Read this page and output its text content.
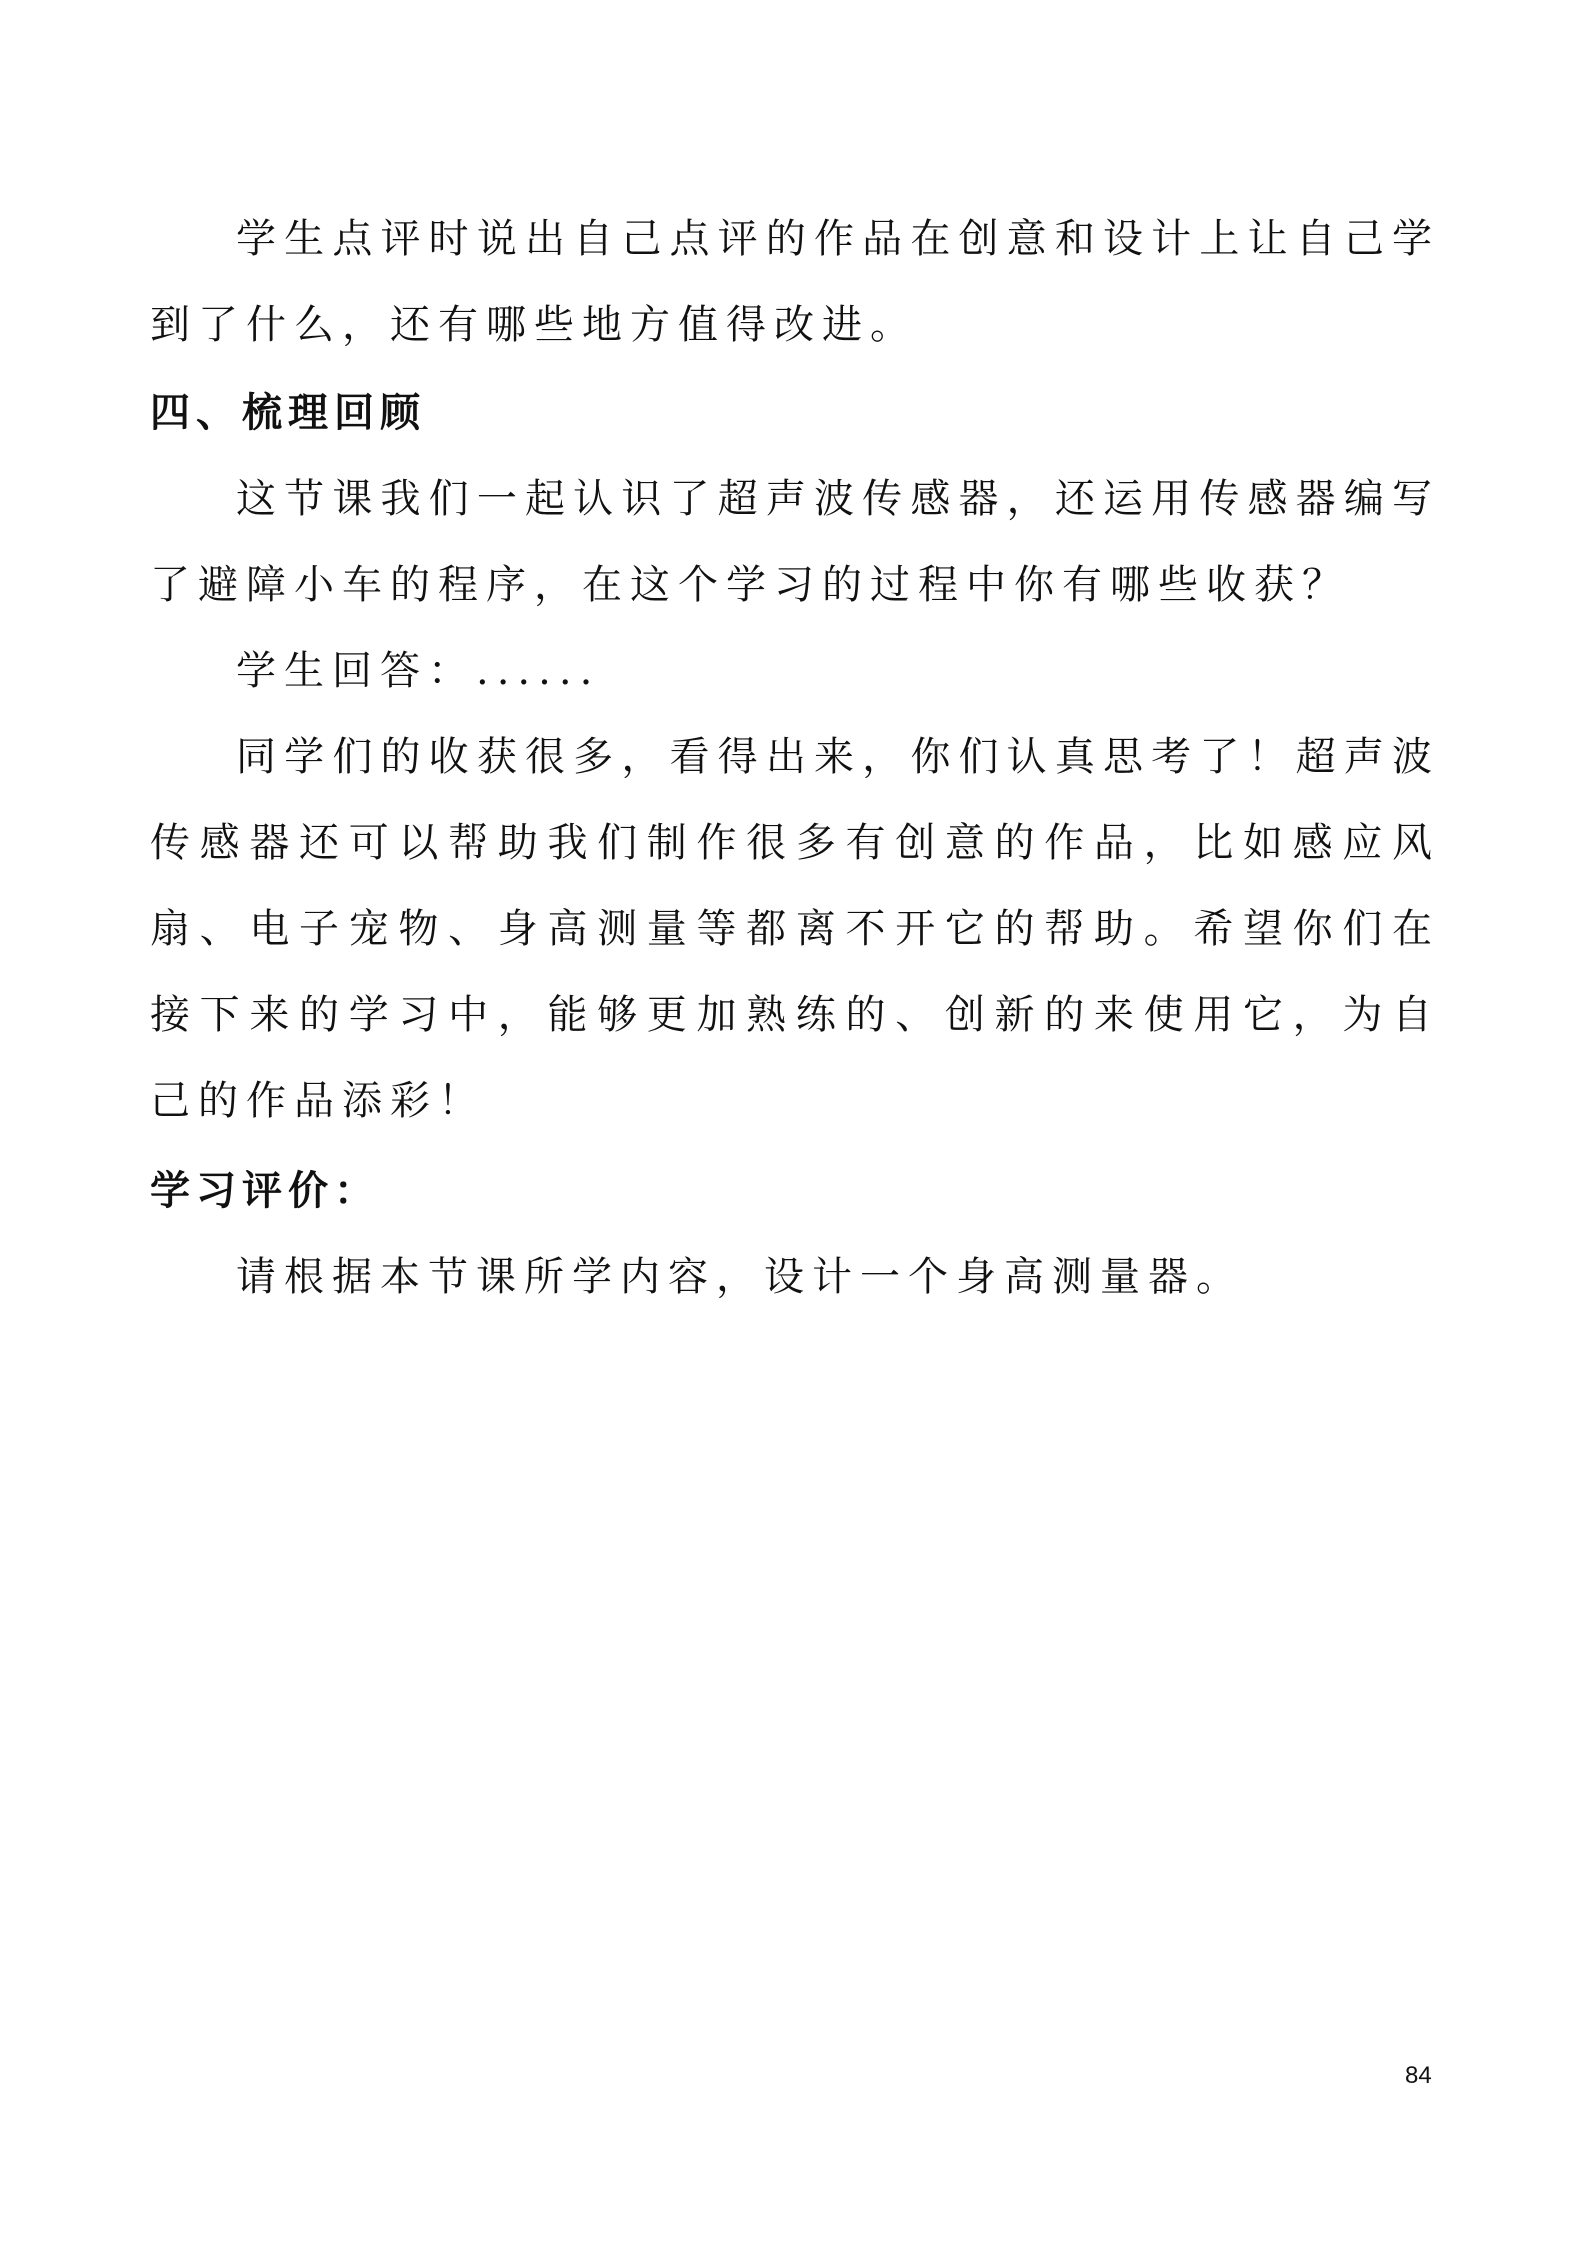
学生点评时说出自己点评的作品在创意和设计上让自己学到了什么，还有哪些地方值得改进。

四、梳理回顾

这节课我们一起认识了超声波传感器，还运用传感器编写了避障小车的程序，在这个学习的过程中你有哪些收获？

学生回答：......

同学们的收获很多，看得出来，你们认真思考了！超声波传感器还可以帮助我们制作很多有创意的作品，比如感应风扇、电子宠物、身高测量等都离不开它的帮助。希望你们在接下来的学习中，能够更加熟练的、创新的来使用它，为自己的作品添彩！

学习评价：

请根据本节课所学内容，设计一个身高测量器。

84
